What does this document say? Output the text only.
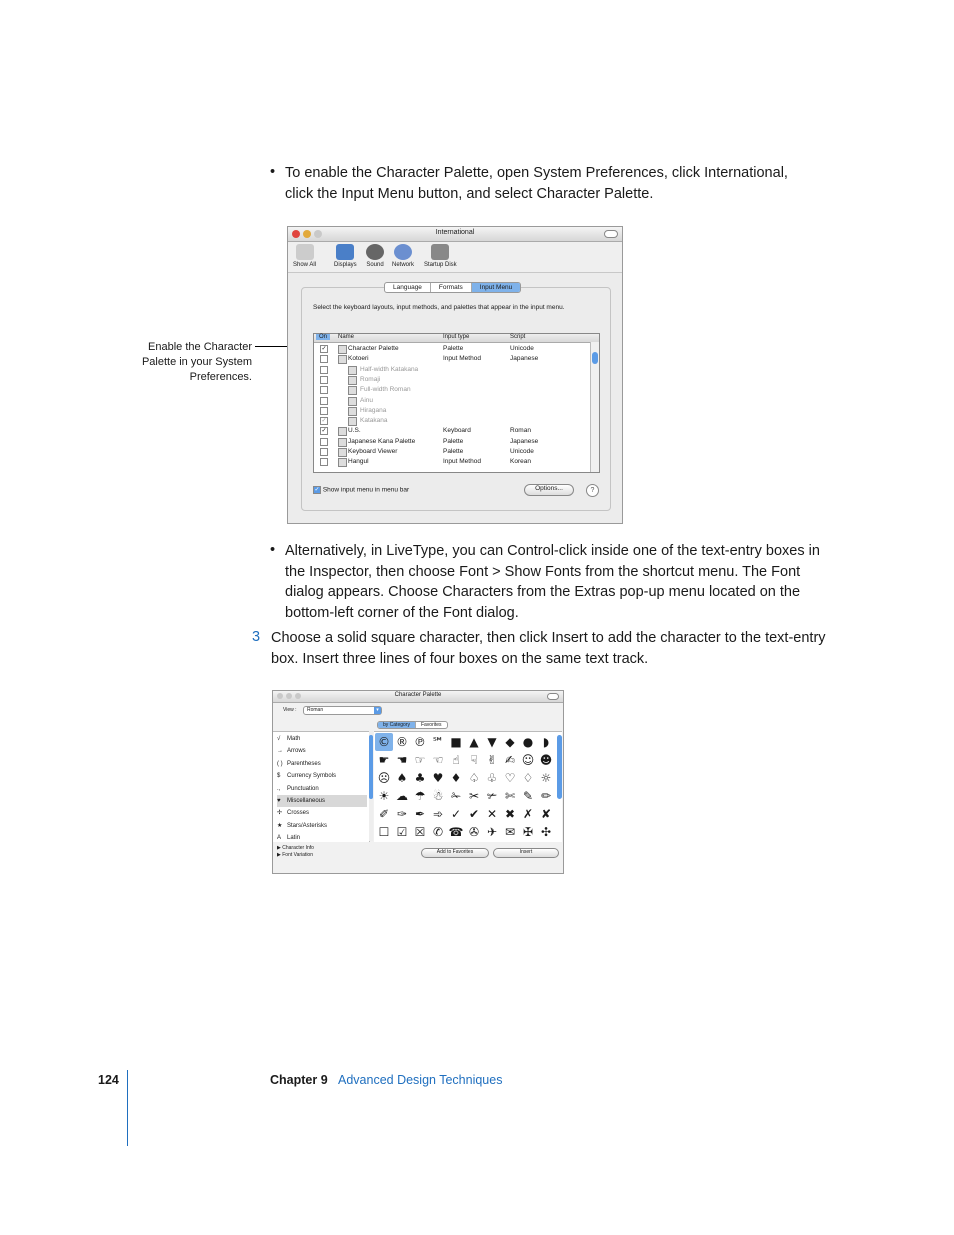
• To enable the Character Palette, open System Preferences, click International, click the Input Menu button, and select Character Palette.
Enable the Character Palette in your System Preferences.
International
Show All	Displays Sound Network Startup Disk
Language	Formats	Input Menu
Select the keyboard layouts, input methods, and palettes that appear in the input menu.
On	Name	Input type	Script
✓	Character Palette	Palette	Unicode
Kotoeri	Input Method	Japanese
Half-width Katakana
Romaji
Full-width Roman
Ainu
Hiragana
✓	Katakana
✓	U.S.	Keyboard	Roman
Japanese Kana Palette	Palette	Japanese
Keyboard Viewer	Palette	Unicode
Hangul	Input Method	Korean
✓ Show input menu in menu bar	Options...	?
• Alternatively, in LiveType, you can Control-click inside one of the text-entry boxes in the Inspector, then choose Font > Show Fonts from the shortcut menu. The Font dialog appears. Choose Characters from the Extras pop-up menu located on the bottom-left corner of the Font dialog.
3 Choose a solid square character, then click Insert to add the character to the text-entry box. Insert three lines of four boxes on the same text track.
Character Palette
View :	Roman	▾
by Category	Favorites
√ Math
→ Arrows
( ) Parentheses
$ Currency Symbols
., Punctuation
♥ Miscellaneous
✢ Crosses
★ Stars/Asterisks
A Latin
© ® ℗ ℠ ■ ▲ ▼ ◆ ● ◗
☛ ☚ ☞ ☜ ☝ ☟ ✌ ✍ ☺ ☻
☹ ♠ ♣ ♥ ♦ ♤ ♧ ♡ ♢ ☼
☀ ☁ ☂ ☃ ✁ ✂ ✃ ✄ ✎ ✏
✐ ✑ ✒ ➾ ✓ ✔ ✕ ✖ ✗ ✘
☐ ☑ ☒ ✆ ☎ ✇ ✈ ✉ ✠ ✣
▶ Character Info
▶ Font Variation	Add to Favorites	Insert
124	Chapter 9 Advanced Design Techniques
